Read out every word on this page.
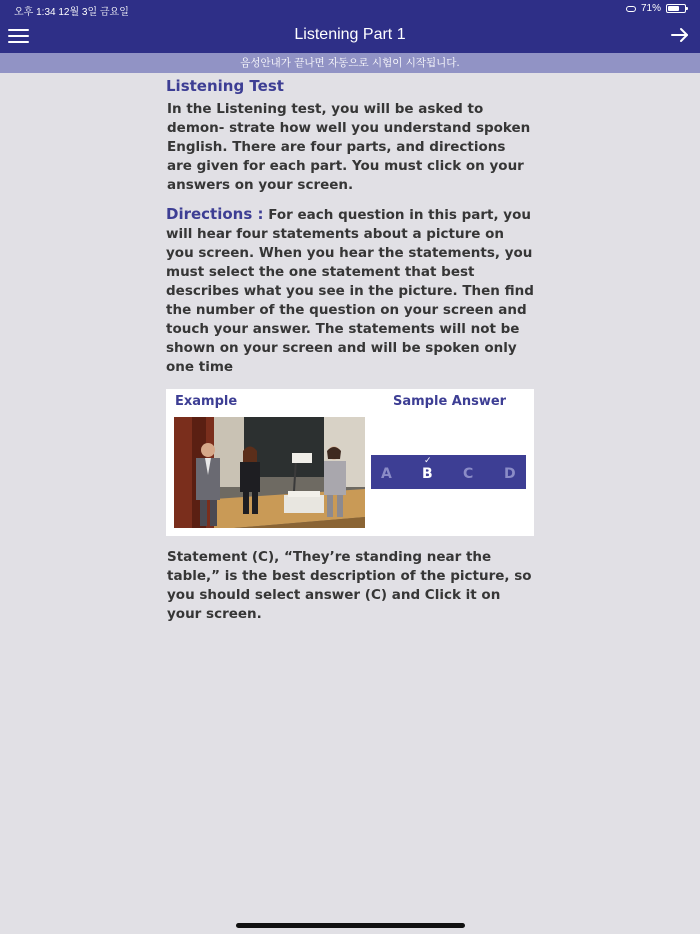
오후 1:34 12월 3일 금요일	71%
Listening Part 1
음성안내가 끝나면 자동으로 시험이 시작됩니다.
Listening Test

In the Listening test, you will be asked to demon- strate how well you understand spoken English. There are four parts, and directions are given for each part. You must click on your answers on your screen.

Directions : For each question in this part, you will hear four statements about a picture on you screen. When you hear the statements, you must select the one statement that best describes what you see in the picture. Then find the number of the question on your screen and touch your answer. The statements will not be shown on your screen and will be spoken only one time
Example	Sample Answer
A B
✓
C D

Statement (C), “They’re standing near the table,” is the best description of the picture, so you should select answer (C) and Click it on your screen.
